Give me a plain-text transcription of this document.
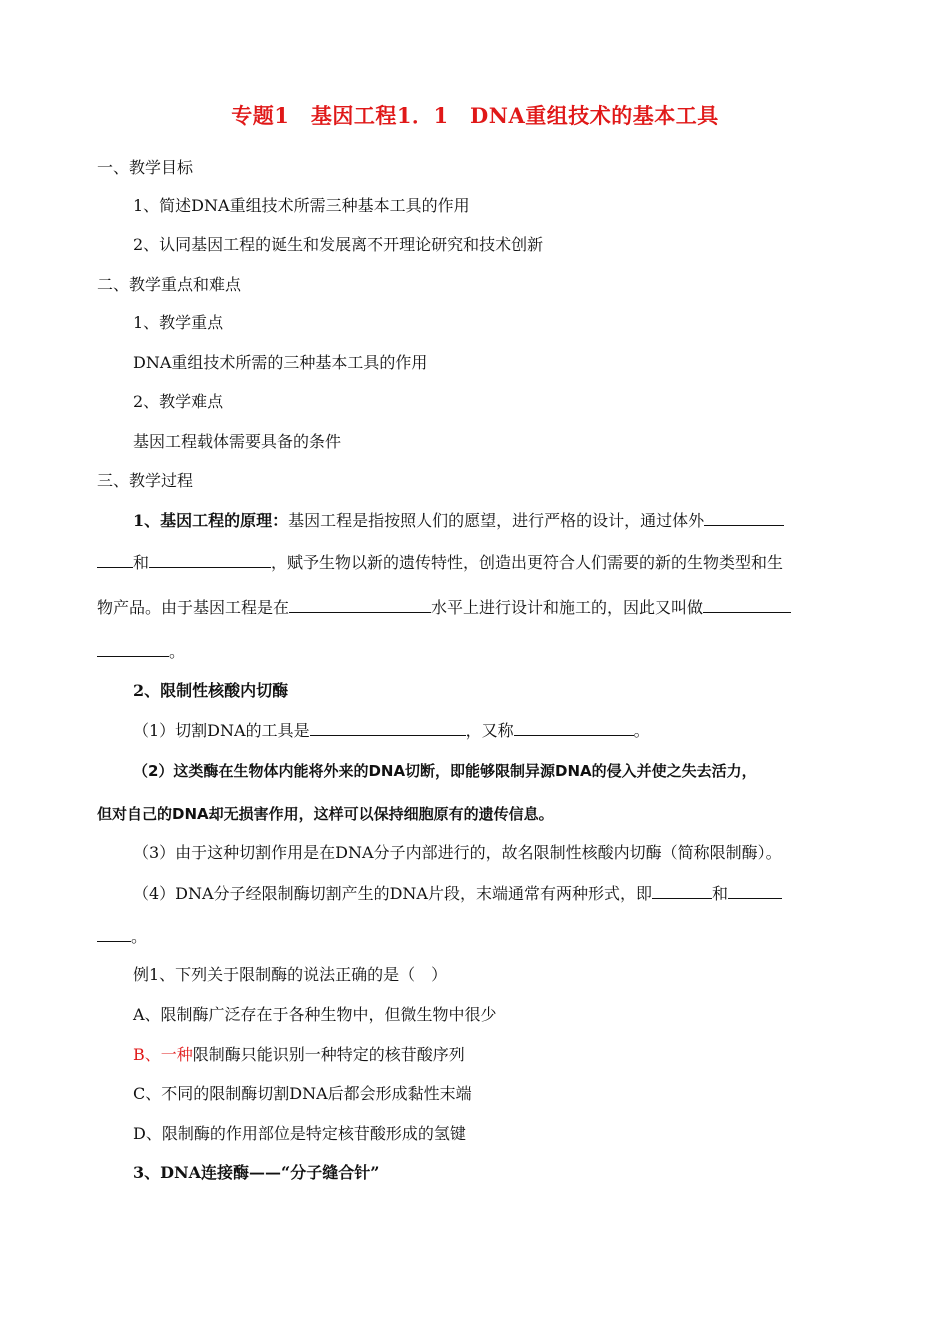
专题1　基因工程1．1　DNA重组技术的基本工具
一、教学目标
1、简述DNA重组技术所需三种基本工具的作用
2、认同基因工程的诞生和发展离不开理论研究和技术创新
二、教学重点和难点
1、教学重点
DNA重组技术所需的三种基本工具的作用
2、教学难点
基因工程载体需要具备的条件
三、教学过程
1、基因工程的原理：基因工程是指按照人们的愿望，进行严格的设计，通过体外
和	，赋予生物以新的遗传特性，创造出更符合人们需要的新的生物类型和生
物产品。由于基因工程是在	水平上进行设计和施工的，因此又叫做
。
2、限制性核酸内切酶
（1）切割DNA的工具是	，又称	。
（2）这类酶在生物体内能将外来的DNA切断，即能够限制异源DNA的侵入并使之失去活力，
但对自己的DNA却无损害作用，这样可以保持细胞原有的遗传信息。
（3）由于这种切割作用是在DNA分子内部进行的，故名限制性核酸内切酶（简称限制酶）。
（4）DNA分子经限制酶切割产生的DNA片段，末端通常有两种形式，即	和
。
例1、下列关于限制酶的说法正确的是（　）
A、限制酶广泛存在于各种生物中，但微生物中很少
B、一种限制酶只能识别一种特定的核苷酸序列
C、不同的限制酶切割DNA后都会形成黏性末端
D、限制酶的作用部位是特定核苷酸形成的氢键
3、DNA连接酶——“分子缝合针”
